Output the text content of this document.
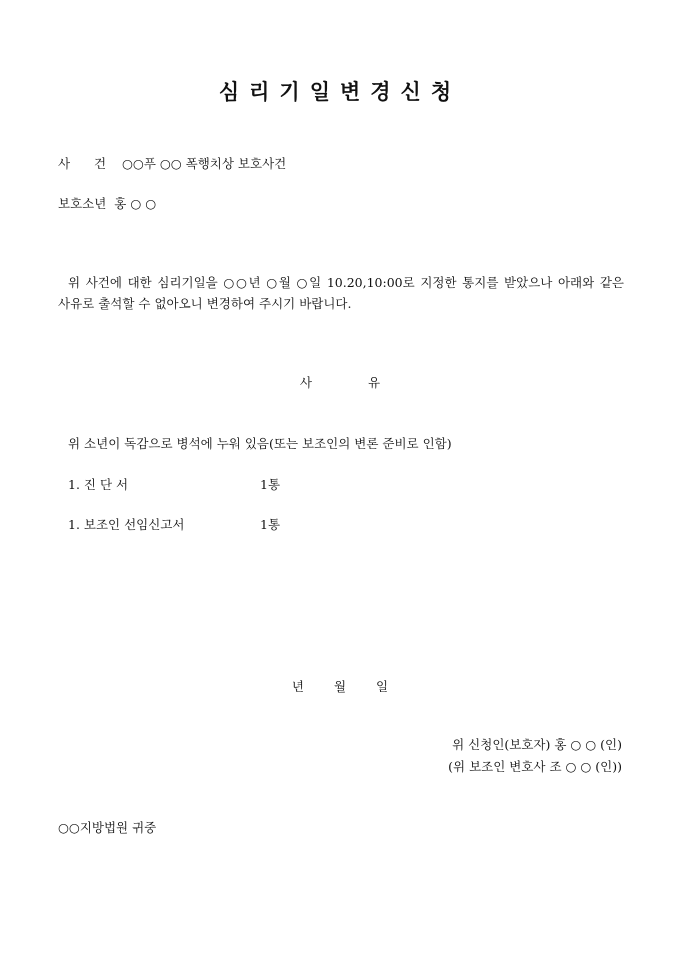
심리기일변경신청
사 건 ○○푸 ○○ 폭행치상 보호사건
보호소년 홍 ○ ○
위 사건에 대한 심리기일을 ○○년 ○월 ○일 10.20,10:00로 지정한 통지를 받았으나 아래와 같은 사유로 출석할 수 없아오니 변경하여 주시기 바랍니다.
사	유
위 소년이 독감으로 병석에 누워 있음(또는 보조인의 변론 준비로 인함)
1. 진 단 서	1통
1. 보조인 선임신고서	1통
년 월 일
위 신청인(보호자) 홍 ○ ○ (인)
(위 보조인 변호사 조 ○ ○ (인))
○○지방법원 귀중
